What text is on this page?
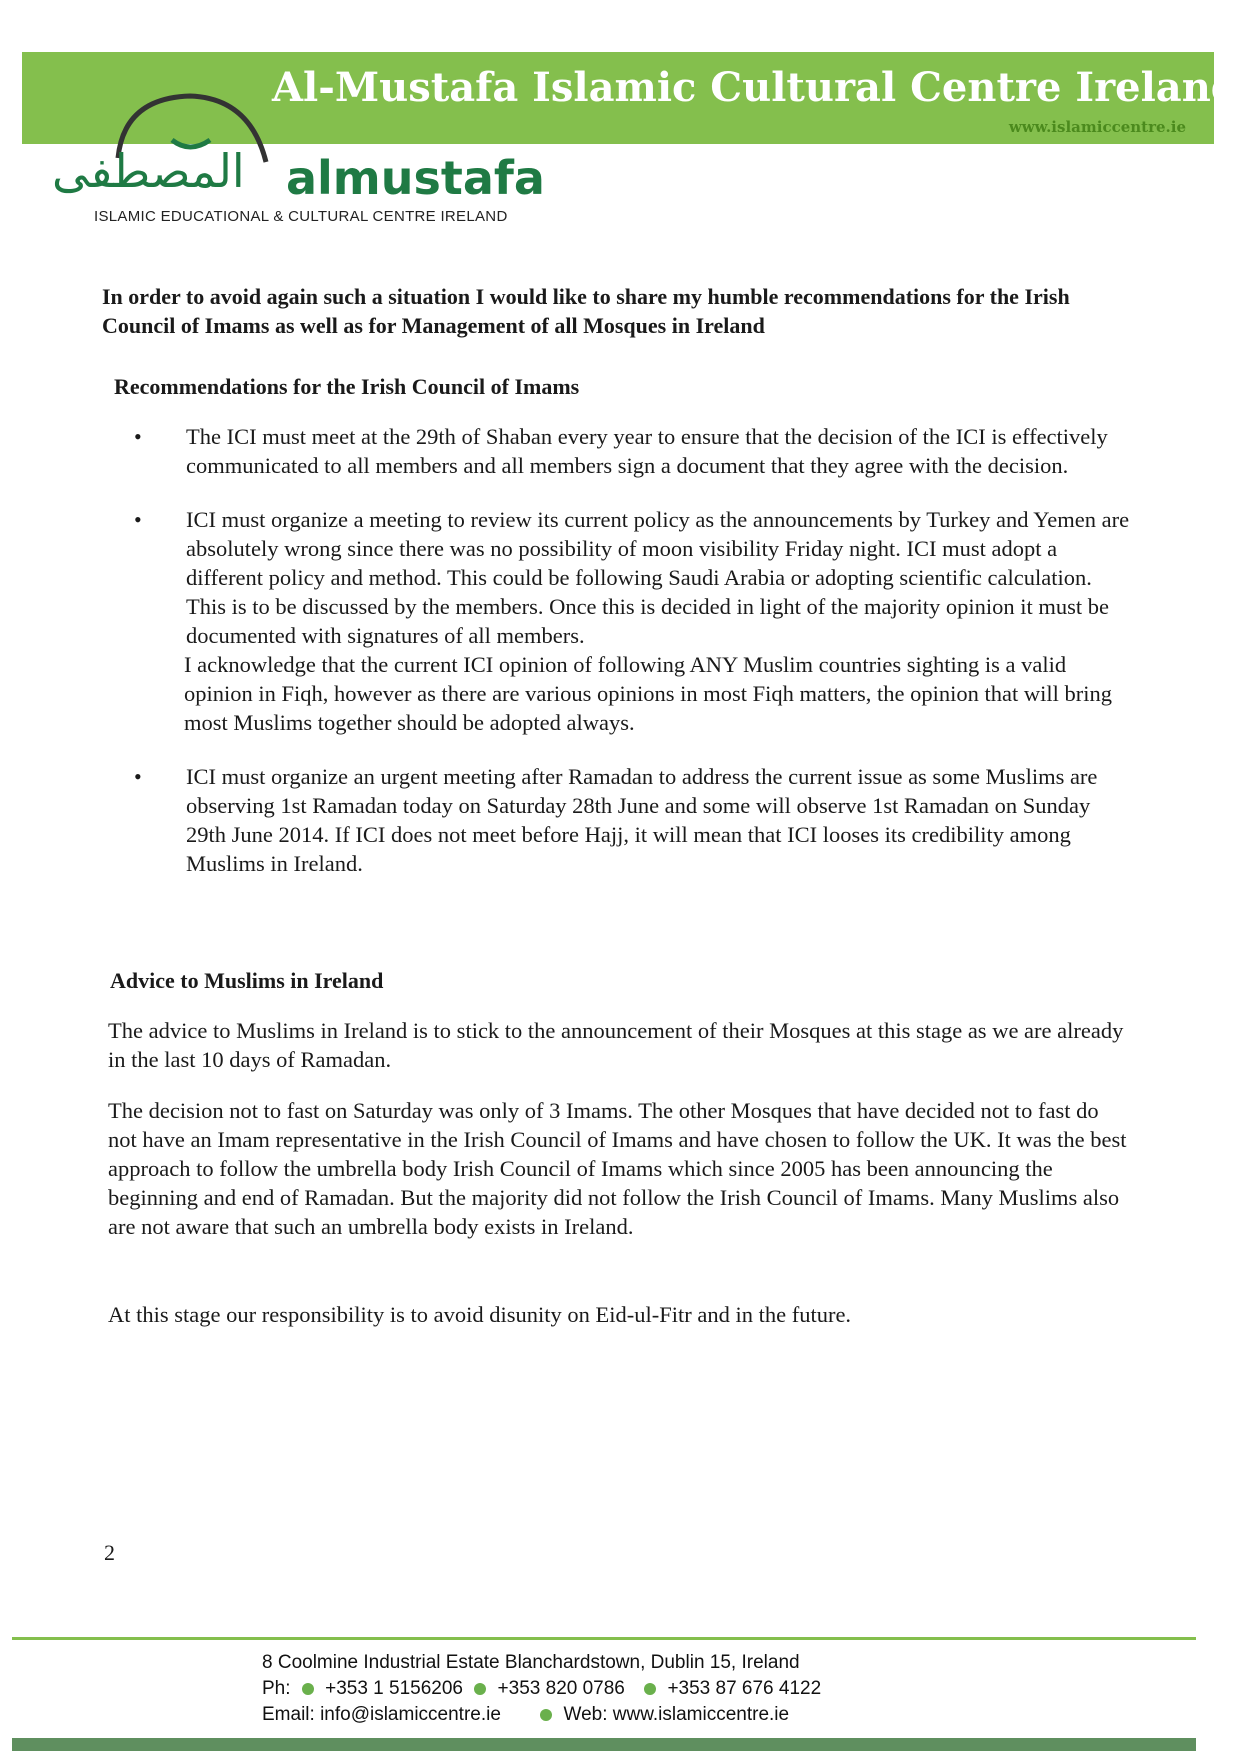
Al-Mustafa Islamic Cultural Centre Ireland
www.islamiccentre.ie
المصطفى almustafa
ISLAMIC EDUCATIONAL & CULTURAL CENTRE IRELAND

In order to avoid again such a situation I would like to share my humble recommendations for the Irish Council of Imams as well as for Management of all Mosques in Ireland

Recommendations for the Irish Council of Imams
• The ICI must meet at the 29th of Shaban every year to ensure that the decision of the ICI is effectively communicated to all members and all members sign a document that they agree with the decision.

• ICI must organize a meeting to review its current policy as the announcements by Turkey and Yemen are absolutely wrong since there was no possibility of moon visibility Friday night. ICI must adopt a different policy and method. This could be following Saudi Arabia or adopting scientific calculation. This is to be discussed by the members. Once this is decided in light of the majority opinion it must be documented with signatures of all members.

I acknowledge that the current ICI opinion of following ANY Muslim countries sighting is a valid opinion in Fiqh, however as there are various opinions in most Fiqh matters, the opinion that will bring most Muslims together should be adopted always.

• ICI must organize an urgent meeting after Ramadan to address the current issue as some Muslims are observing 1st Ramadan today on Saturday 28th June and some will observe 1st Ramadan on Sunday 29th June 2014. If ICI does not meet before Hajj, it will mean that ICI looses its credibility among Muslims in Ireland.

Advice to Muslims in Ireland

The advice to Muslims in Ireland is to stick to the announcement of their Mosques at this stage as we are already in the last 10 days of Ramadan.

The decision not to fast on Saturday was only of 3 Imams. The other Mosques that have decided not to fast do not have an Imam representative in the Irish Council of Imams and have chosen to follow the UK. It was the best approach to follow the umbrella body Irish Council of Imams which since 2005 has been announcing the beginning and end of Ramadan. But the majority did not follow the Irish Council of Imams. Many Muslims also are not aware that such an umbrella body exists in Ireland.

At this stage our responsibility is to avoid disunity on Eid-ul-Fitr and in the future.

2

8 Coolmine Industrial Estate Blanchardstown, Dublin 15, Ireland
Ph: +353 1 5156206 +353 820 0786 +353 87 676 4122
Email: info@islamiccentre.ie	Web: www.islamiccentre.ie
